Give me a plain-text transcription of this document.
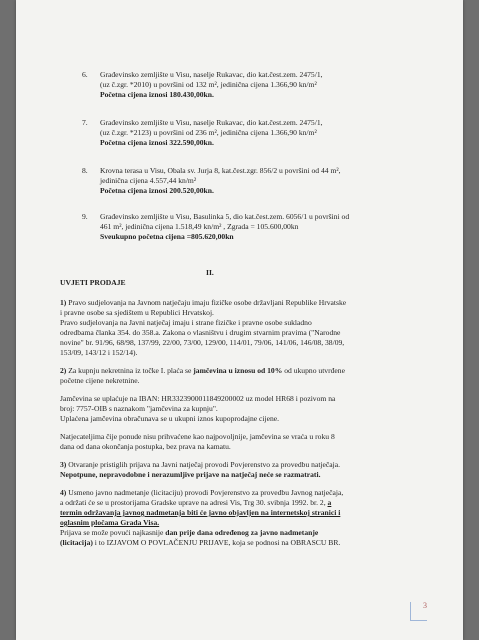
6. Građevinsko zemljište u Visu, naselje Rukavac, dio kat.čest.zem. 2475/1,
(uz č.zgr. *2010) u površini od 132 m², jedinična cijena 1.366,90 kn/m²
Početna cijena iznosi 180.430,00kn.
7. Građevinsko zemljište u Visu, naselje Rukavac, dio kat.čest.zem. 2475/1,
(uz č.zgr. *2123) u površini od 236 m², jedinična cijena 1.366,90 kn/m²
Početna cijena iznosi 322.590,00kn.
8. Krovna terasa u Visu, Obala sv. Jurja 8, kat.čest.zgr. 856/2 u površini od 44 m²,
jedinična cijena 4.557,44 kn/m²
Početna cijena iznosi 200.520,00kn.
9. Građevinsko zemljište u Visu, Basulinka 5, dio kat.čest.zem. 6056/1 u površini od
461 m², jedinična cijena 1.518,49 kn/m² , Zgrada = 105.600,00kn
Sveukupno početna cijena =805.620,00kn
II.
UVJETI PRODAJE
1) Pravo sudjelovanja na Javnom natječaju imaju fizičke osobe državljani Republike Hrvatske
i pravne osobe sa sjedištem u Republici Hrvatskoj.
Pravo sudjelovanja na Javni natječaj imaju i strane fizičke i pravne osobe sukladno
odredbama članka 354. do 358.a. Zakona o vlasništvu i drugim stvarnim pravima ("Narodne
novine" br. 91/96, 68/98, 137/99, 22/00, 73/00, 129/00, 114/01, 79/06, 141/06, 146/08, 38/09,
153/09, 143/12 i 152/14).
2) Za kupnju nekretnina iz točke I. plaća se jamčevina u iznosu od 10% od ukupno utvrđene
početne cijene nekretnine.
Jamčevina se uplaćuje na IBAN: HR3323900011849200002 uz model HR68 i pozivom na
broj: 7757-OIB s naznakom "jamčevina za kupnju".
Uplaćena jamčevina obračunava se u ukupni iznos kupoprodajne cijene.
Natjecateljima čije ponude nisu prihvaćene kao najpovoljnije, jamčevina se vraća u roku 8
dana od dana okončanja postupka, bez prava na kamatu.
3) Otvaranje pristiglih prijava na Javni natječaj provodi Povjerenstvo za provedbu natječaja.
Nepotpune, nepravodobne i nerazumljive prijave na natječaj neće se razmatrati.
4) Usmeno javno nadmetanje (licitaciju) provodi Povjerenstvo za provedbu Javnog natječaja,
a održati će se u prostorijama Gradske uprave na adresi Vis, Trg 30. svibnja 1992. br. 2, a
termin održavanja javnog nadmetanja biti će javno objavljen na internetskoj stranici i
oglasnim pločama Grada Visa.
Prijava se može povući najkasnije dan prije dana određenog za javno nadmetanje
(licitacija) i to IZJAVOM O POVLAČENJU PRIJAVE, koja se podnosi na OBRASCU BR.
3
